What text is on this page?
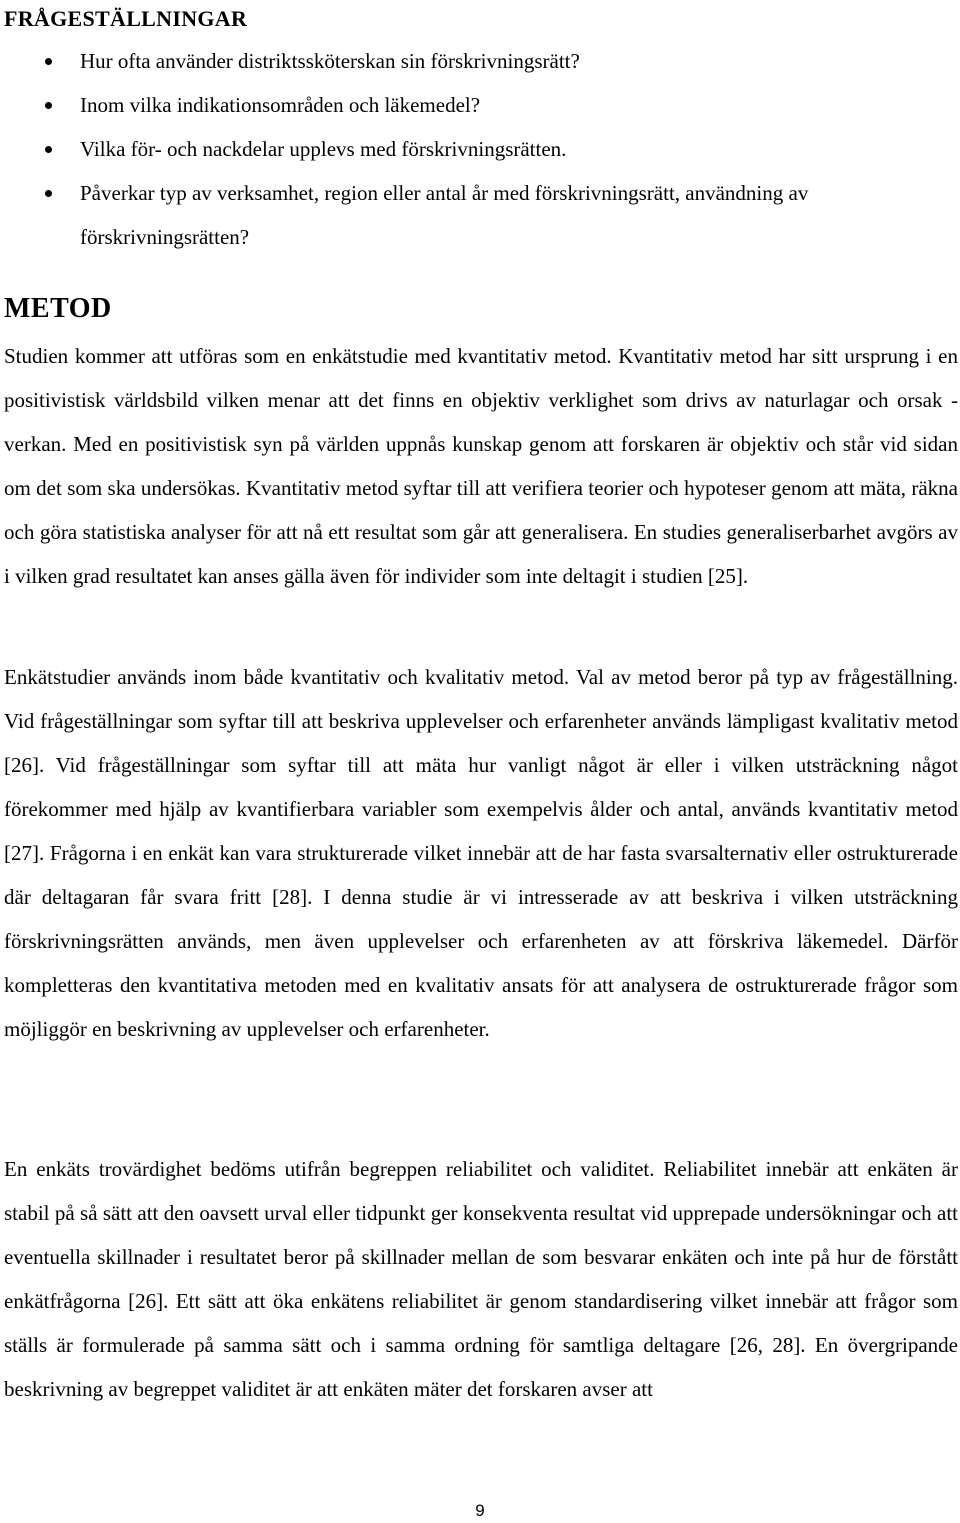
FRÅGESTÄLLNINGAR
Hur ofta använder distriktssköterskan sin förskrivningsrätt?
Inom vilka indikationsområden och läkemedel?
Vilka för- och nackdelar upplevs med förskrivningsrätten.
Påverkar typ av verksamhet, region eller antal år med förskrivningsrätt, användning av förskrivningsrätten?
METOD

Studien kommer att utföras som en enkätstudie med kvantitativ metod. Kvantitativ metod har sitt ursprung i en positivistisk världsbild vilken menar att det finns en objektiv verklighet som drivs av naturlagar och orsak - verkan. Med en positivistisk syn på världen uppnås kunskap genom att forskaren är objektiv och står vid sidan om det som ska undersökas. Kvantitativ metod syftar till att verifiera teorier och hypoteser genom att mäta, räkna och göra statistiska analyser för att nå ett resultat som går att generalisera. En studies generaliserbarhet avgörs av i vilken grad resultatet kan anses gälla även för individer som inte deltagit i studien [25].

Enkätstudier används inom både kvantitativ och kvalitativ metod. Val av metod beror på typ av frågeställning. Vid frågeställningar som syftar till att beskriva upplevelser och erfarenheter används lämpligast kvalitativ metod [26]. Vid frågeställningar som syftar till att mäta hur vanligt något är eller i vilken utsträckning något förekommer med hjälp av kvantifierbara variabler som exempelvis ålder och antal, används kvantitativ metod [27]. Frågorna i en enkät kan vara strukturerade vilket innebär att de har fasta svarsalternativ eller ostrukturerade där deltagaran får svara fritt [28]. I denna studie är vi intresserade av att beskriva i vilken utsträckning förskrivningsrätten används, men även upplevelser och erfarenheten av att förskriva läkemedel. Därför kompletteras den kvantitativa metoden med en kvalitativ ansats för att analysera de ostrukturerade frågor som möjliggör en beskrivning av upplevelser och erfarenheter.

En enkäts trovärdighet bedöms utifrån begreppen reliabilitet och validitet. Reliabilitet innebär att enkäten är stabil på så sätt att den oavsett urval eller tidpunkt ger konsekventa resultat vid upprepade undersökningar och att eventuella skillnader i resultatet beror på skillnader mellan de som besvarar enkäten och inte på hur de förstått enkätfrågorna [26]. Ett sätt att öka enkätens reliabilitet är genom standardisering vilket innebär att frågor som ställs är formulerade på samma sätt och i samma ordning för samtliga deltagare [26, 28]. En övergripande beskrivning av begreppet validitet är att enkäten mäter det forskaren avser att

9
